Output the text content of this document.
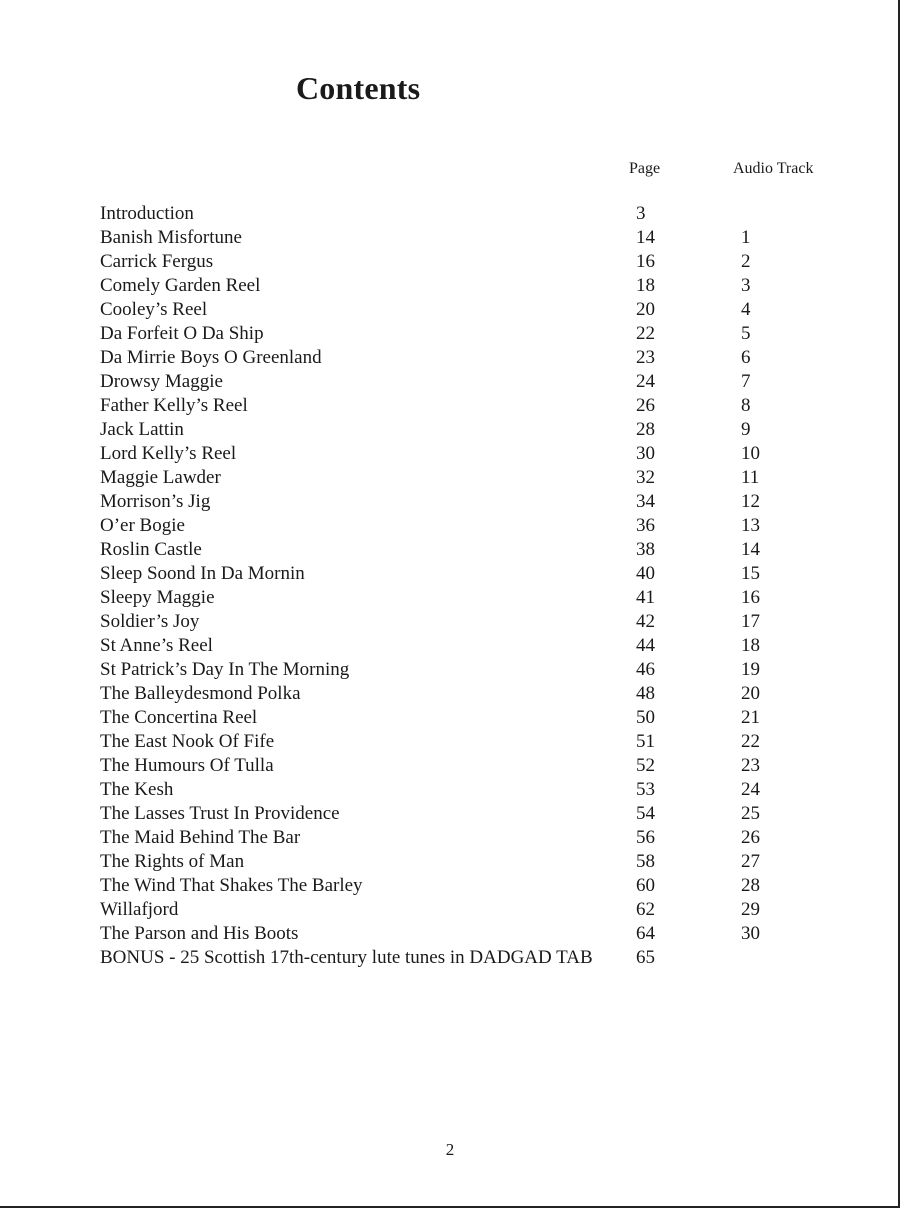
Contents
Page	Audio Track
Introduction	3
Banish Misfortune	14	1
Carrick Fergus	16	2
Comely Garden Reel	18	3
Cooley’s Reel	20	4
Da Forfeit O Da Ship	22	5
Da Mirrie Boys O Greenland	23	6
Drowsy Maggie	24	7
Father Kelly’s Reel	26	8
Jack Lattin	28	9
Lord Kelly’s Reel	30	10
Maggie Lawder	32	11
Morrison’s Jig	34	12
O’er Bogie	36	13
Roslin Castle	38	14
Sleep Soond In Da Mornin	40	15
Sleepy Maggie	41	16
Soldier’s Joy	42	17
St Anne’s Reel	44	18
St Patrick’s Day In The Morning	46	19
The Balleydesmond Polka	48	20
The Concertina Reel	50	21
The East Nook Of Fife	51	22
The Humours Of Tulla	52	23
The Kesh	53	24
The Lasses Trust In Providence	54	25
The Maid Behind The Bar	56	26
The Rights of Man	58	27
The Wind That Shakes The Barley	60	28
Willafjord	62	29
The Parson and His Boots	64	30
BONUS - 25 Scottish 17th-century lute tunes in DADGAD TAB 65
2
